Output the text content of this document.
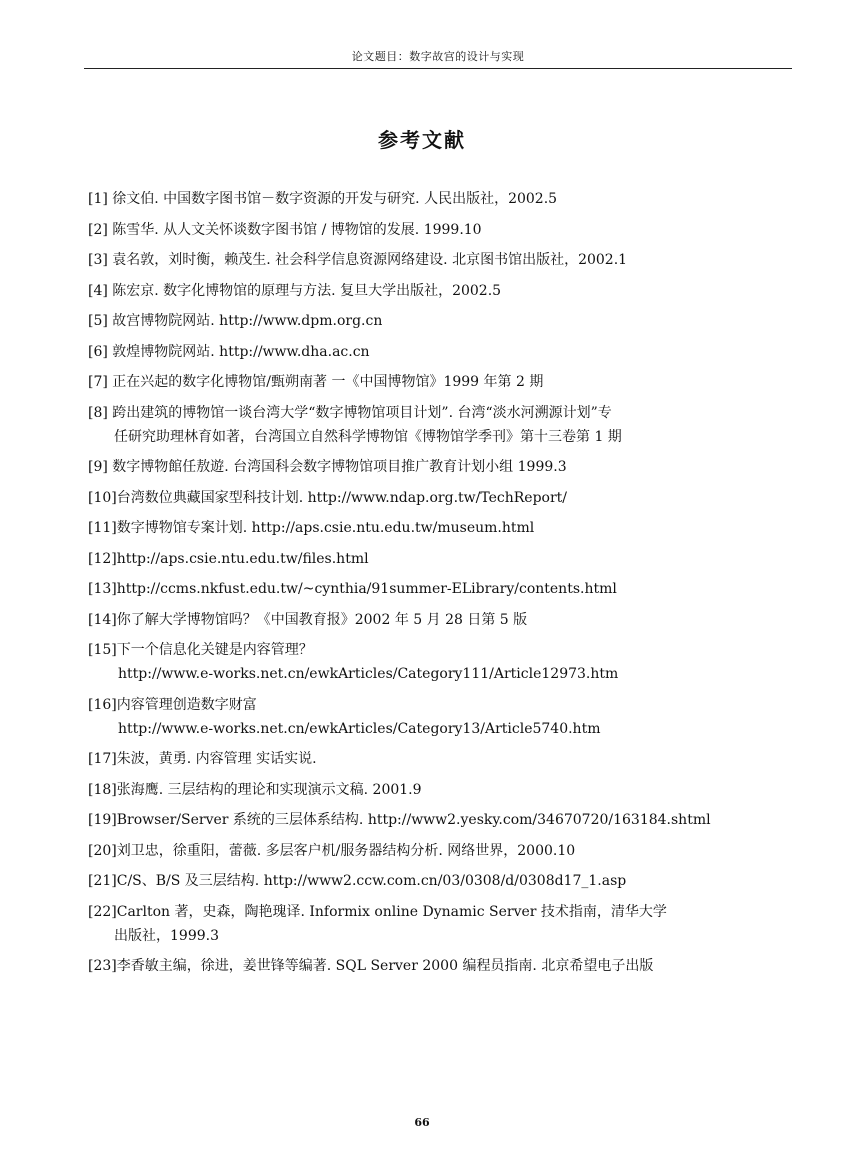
论文题目：数字故宫的设计与实现
参考文献
[1] 徐文伯. 中国数字图书馆－数字资源的开发与研究. 人民出版社，2002.5
[2] 陈雪华. 从人文关怀谈数字图书馆 / 博物馆的发展. 1999.10
[3] 袁名敦，刘时衡，赖茂生. 社会科学信息资源网络建设. 北京图书馆出版社，2002.1
[4] 陈宏京. 数字化博物馆的原理与方法. 复旦大学出版社，2002.5
[5] 故宫博物院网站. http://www.dpm.org.cn
[6] 敦煌博物院网站. http://www.dha.ac.cn
[7] 正在兴起的数字化博物馆/甄朔南著 一《中国博物馆》1999 年第 2 期
[8] 跨出建筑的博物馆一谈台湾大学“数字博物馆项目计划”. 台湾“淡水河溯源计划”专
任研究助理林育如著，台湾国立自然科学博物馆《博物馆学季刊》第十三卷第 1 期
[9] 数字博物館任敖遊. 台湾国科会数字博物馆项目推广教育计划小组 1999.3
[10]台湾数位典藏国家型科技计划. http://www.ndap.org.tw/TechReport/
[11]数字博物馆专案计划. http://aps.csie.ntu.edu.tw/museum.html
[12]http://aps.csie.ntu.edu.tw/files.html
[13]http://ccms.nkfust.edu.tw/~cynthia/91summer-ELibrary/contents.html
[14]你了解大学博物馆吗？《中国教育报》2002 年 5 月 28 日第 5 版
[15]下一个信息化关键是内容管理？
http://www.e-works.net.cn/ewkArticles/Category111/Article12973.htm
[16]内容管理创造数字财富
http://www.e-works.net.cn/ewkArticles/Category13/Article5740.htm
[17]朱波，黄勇. 内容管理 实话实说.
[18]张海鹰. 三层结构的理论和实现演示文稿. 2001.9
[19]Browser/Server 系统的三层体系结构. http://www2.yesky.com/34670720/163184.shtml
[20]刘卫忠，徐重阳，蕾薇. 多层客户机/服务器结构分析. 网络世界，2000.10
[21]C/S、B/S 及三层结构. http://www2.ccw.com.cn/03/0308/d/0308d17_1.asp
[22]Carlton 著，史森，陶艳瑰译. Informix online Dynamic Server 技术指南，清华大学
出版社，1999.3
[23]李香敏主编，徐进，姜世锋等编著. SQL Server 2000 编程员指南. 北京希望电子出版
66
